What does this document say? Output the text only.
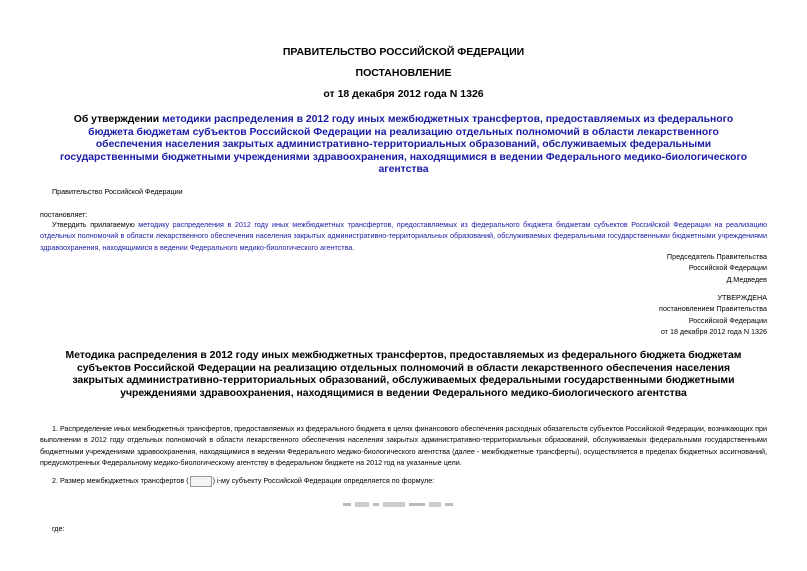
ПРАВИТЕЛЬСТВО РОССИЙСКОЙ ФЕДЕРАЦИИ
ПОСТАНОВЛЕНИЕ
от 18 декабря 2012 года N 1326
Об утверждении методики распределения в 2012 году иных межбюджетных трансфертов, предоставляемых из федерального бюджета бюджетам субъектов Российской Федерации на реализацию отдельных полномочий в области лекарственного обеспечения населения закрытых административно-территориальных образований, обслуживаемых федеральными государственными бюджетными учреждениями здравоохранения, находящимися в ведении Федерального медико-биологического агентства
Правительство Российской Федерации
постановляет:
Утвердить прилагаемую методику распределения в 2012 году иных межбюджетных трансфертов, предоставляемых из федерального бюджета бюджетам субъектов Российской Федерации на реализацию отдельных полномочий в области лекарственного обеспечения населения закрытых административно-территориальных образований, обслуживаемых федеральными государственными бюджетными учреждениями здравоохранения, находящимися в ведении Федерального медико-биологического агентства.
Председатель Правительства
Российской Федерации
Д.Медведев
УТВЕРЖДЕНА
постановлением Правительства
Российской Федерации
от 18 декабря 2012 года N 1326
Методика распределения в 2012 году иных межбюджетных трансфертов, предоставляемых из федерального бюджета бюджетам субъектов Российской Федерации на реализацию отдельных полномочий в области лекарственного обеспечения населения закрытых административно-территориальных образований, обслуживаемых федеральными государственными бюджетными учреждениями здравоохранения, находящимися в ведении Федерального медико-биологического агентства
1. Распределение иных межбюджетных трансфертов, предоставляемых из федерального бюджета в целях финансового обеспечения расходных обязательств субъектов Российской Федерации, возникающих при выполнении в 2012 году отдельных полномочий в области лекарственного обеспечения населения закрытых административно-территориальных образований, обслуживаемых федеральными государственными бюджетными учреждениями здравоохранения, находящимися в ведении Федерального медико-биологического агентства (далее - межбюджетные трансферты), осуществляется в пределах бюджетных ассигнований, предусмотренных Федеральному медико-биологическому агентству в федеральном бюджете на 2012 год на указанные цели.
2. Размер межбюджетных трансфертов (	) i-му субъекту Российской Федерации определяется по формуле:
где:
